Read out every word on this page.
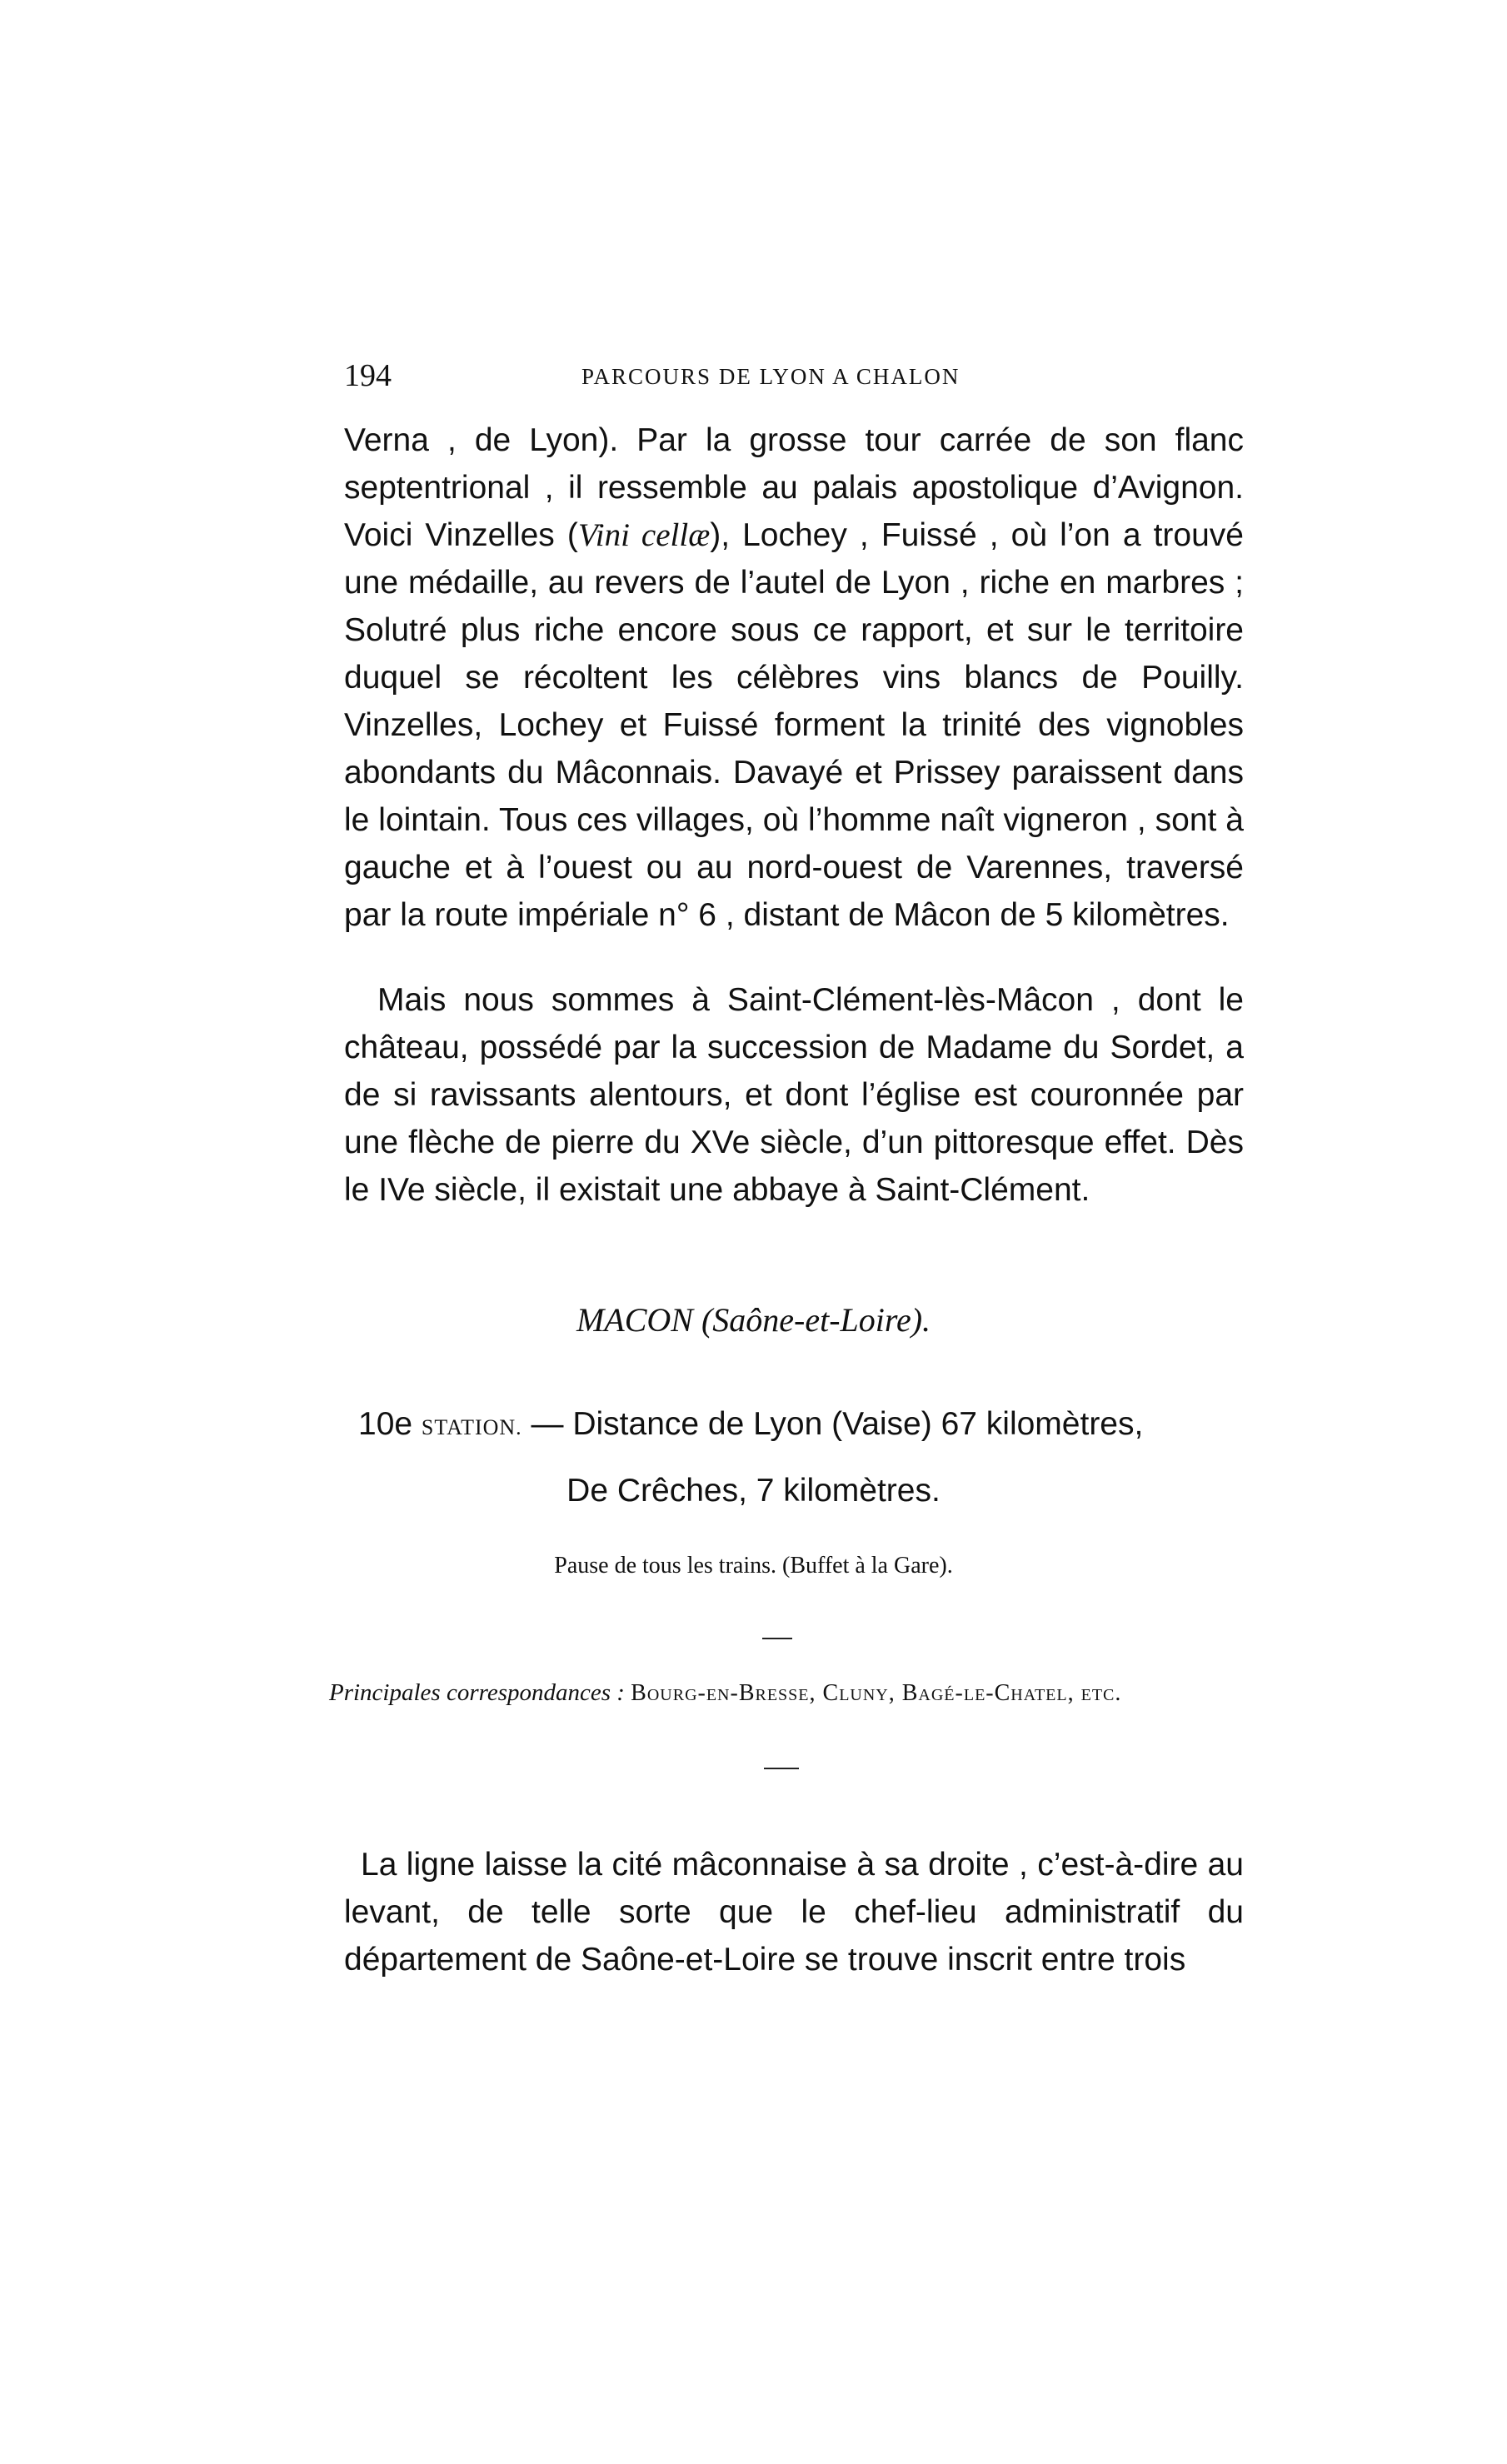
194	PARCOURS DE LYON A CHALON

Verna , de Lyon). Par la grosse tour carrée de son flanc septentrional , il ressemble au palais apostolique d’Avignon. Voici Vinzelles (Vini cellæ), Lochey , Fuissé , où l’on a trouvé une médaille, au revers de l’autel de Lyon , riche en marbres ; Solutré plus riche encore sous ce rapport, et sur le territoire duquel se récoltent les célèbres vins blancs de Pouilly. Vinzelles, Lochey et Fuissé forment la trinité des vignobles abondants du Mâconnais. Davayé et Prissey paraissent dans le lointain. Tous ces villages, où l’homme naît vigneron , sont à gauche et à l’ouest ou au nord-ouest de Varennes, traversé par la route impériale n° 6 , distant de Mâcon de 5 kilomètres.

Mais nous sommes à Saint-Clément-lès-Mâcon , dont le château, possédé par la succession de Madame du Sordet, a de si ravissants alentours, et dont l’église est couronnée par une flèche de pierre du XVe siècle, d’un pittoresque effet. Dès le IVe siècle, il existait une abbaye à Saint-Clément.

MACON (Saône-et-Loire).
10e STATION. — Distance de Lyon (Vaise) 67 kilomètres,
De Crêches, 7 kilomètres.
Pause de tous les trains. (Buffet à la Gare).
Principales correspondances : Bourg-en-Bresse, Cluny, Bagé-le-Chatel, etc.

La ligne laisse la cité mâconnaise à sa droite , c’est-à-dire au levant, de telle sorte que le chef-lieu administratif du département de Saône-et-Loire se trouve inscrit entre trois
